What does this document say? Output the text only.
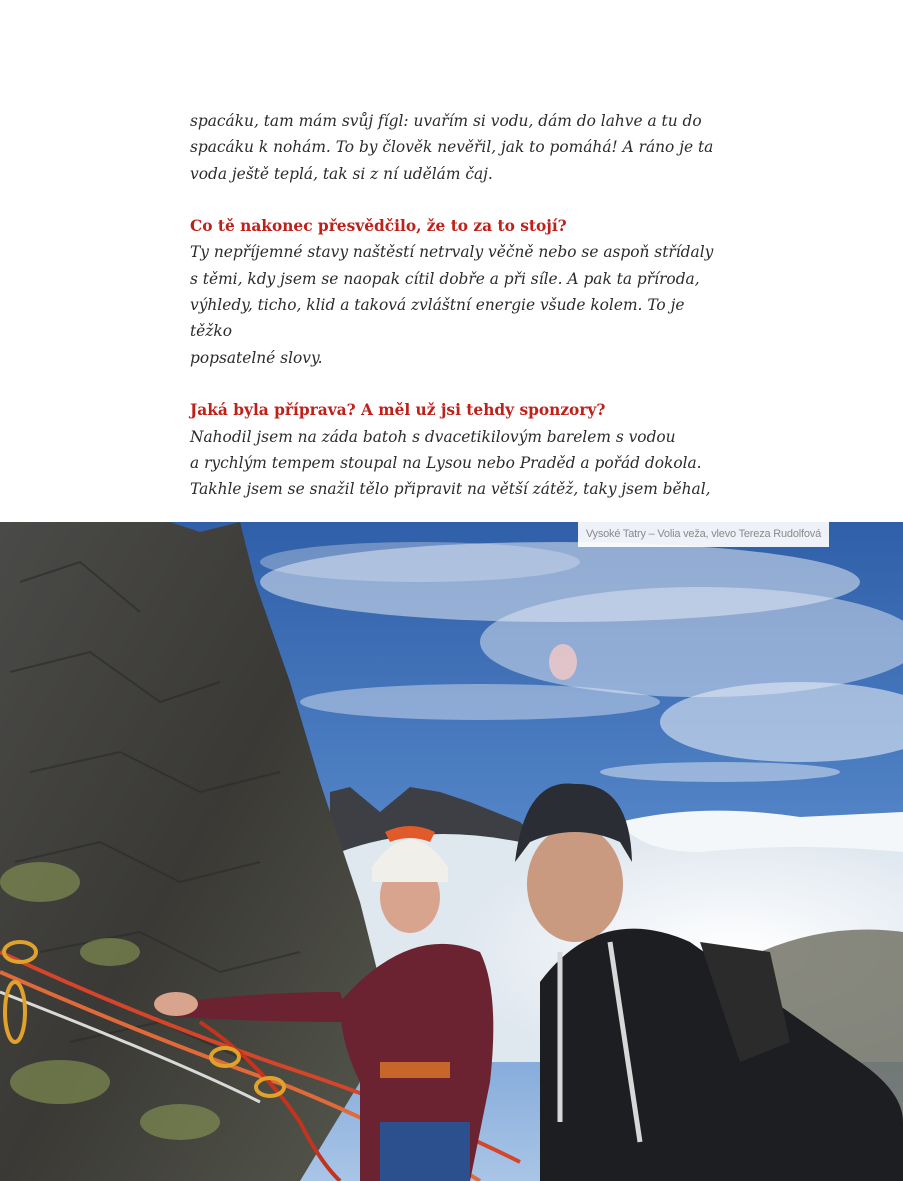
spacáku, tam mám svůj fígl: uvařím si vodu, dám do lahve a tu do
spacáku k nohám. To by člověk nevěřil, jak to pomáhá! A ráno je ta
voda ještě teplá, tak si z ní udělám čaj.

Co tě nakonec přesvědčilo, že to za to stojí?

Ty nepříjemné stavy naštěstí netrvaly věčně nebo se aspoň střídaly
s těmi, kdy jsem se naopak cítil dobře a při síle. A pak ta příroda,
výhledy, ticho, klid a taková zvláštní energie všude kolem. To je těžko
popsatelné slovy.

Jaká byla příprava? A měl už jsi tehdy sponzory?

Nahodil jsem na záda batoh s dvacetikilovým barelem s vodou
a rychlým tempem stoupal na Lysou nebo Praděd a pořád dokola.
Takhle jsem se snažil tělo připravit na větší zátěž, taky jsem běhal,

Vysoké Tatry – Volia veža, vlevo Tereza Rudolfová
